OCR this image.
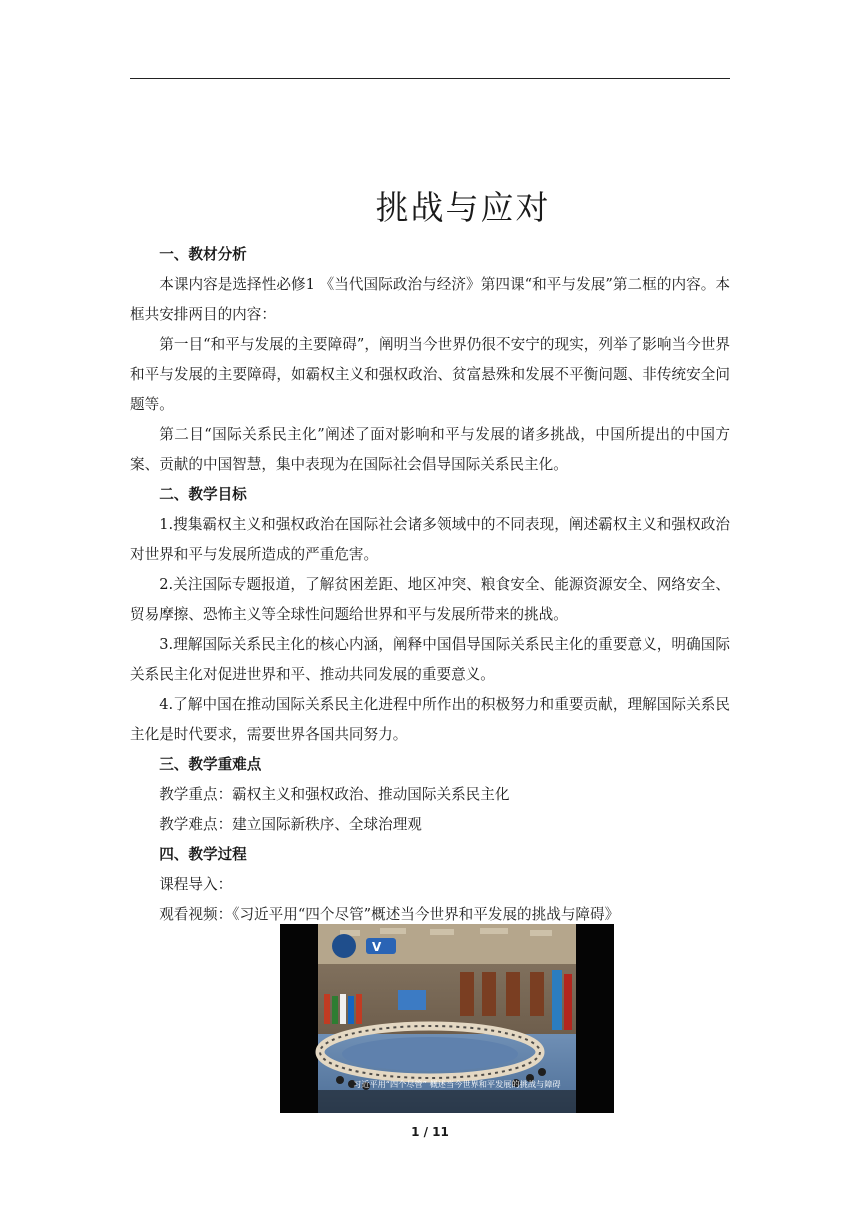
挑战与应对
一、教材分析

本课内容是选择性必修1 《当代国际政治与经济》第四课“和平与发展”第二框的内容。本框共安排两目的内容：

第一目“和平与发展的主要障碍”，阐明当今世界仍很不安宁的现实，列举了影响当今世界和平与发展的主要障碍，如霸权主义和强权政治、贫富悬殊和发展不平衡问题、非传统安全问题等。

第二目“国际关系民主化”阐述了面对影响和平与发展的诸多挑战，中国所提出的中国方案、贡献的中国智慧，集中表现为在国际社会倡导国际关系民主化。

二、教学目标

1.搜集霸权主义和强权政治在国际社会诸多领域中的不同表现，阐述霸权主义和强权政治对世界和平与发展所造成的严重危害。

2.关注国际专题报道，了解贫困差距、地区冲突、粮食安全、能源资源安全、网络安全、贸易摩擦、恐怖主义等全球性问题给世界和平与发展所带来的挑战。

3.理解国际关系民主化的核心内涵，阐释中国倡导国际关系民主化的重要意义，明确国际关系民主化对促进世界和平、推动共同发展的重要意义。

4.了解中国在推动国际关系民主化进程中所作出的积极努力和重要贡献，理解国际关系民主化是时代要求，需要世界各国共同努力。

三、教学重难点

教学重点：霸权主义和强权政治、推动国际关系民主化

教学难点：建立国际新秩序、全球治理观

四、教学过程

课程导入：

观看视频：《习近平用“四个尽管”概述当今世界和平发展的挑战与障碍》

V
习近平用“四个尽管” 概述当今世界和平发展的挑战与障碍
1 / 11
